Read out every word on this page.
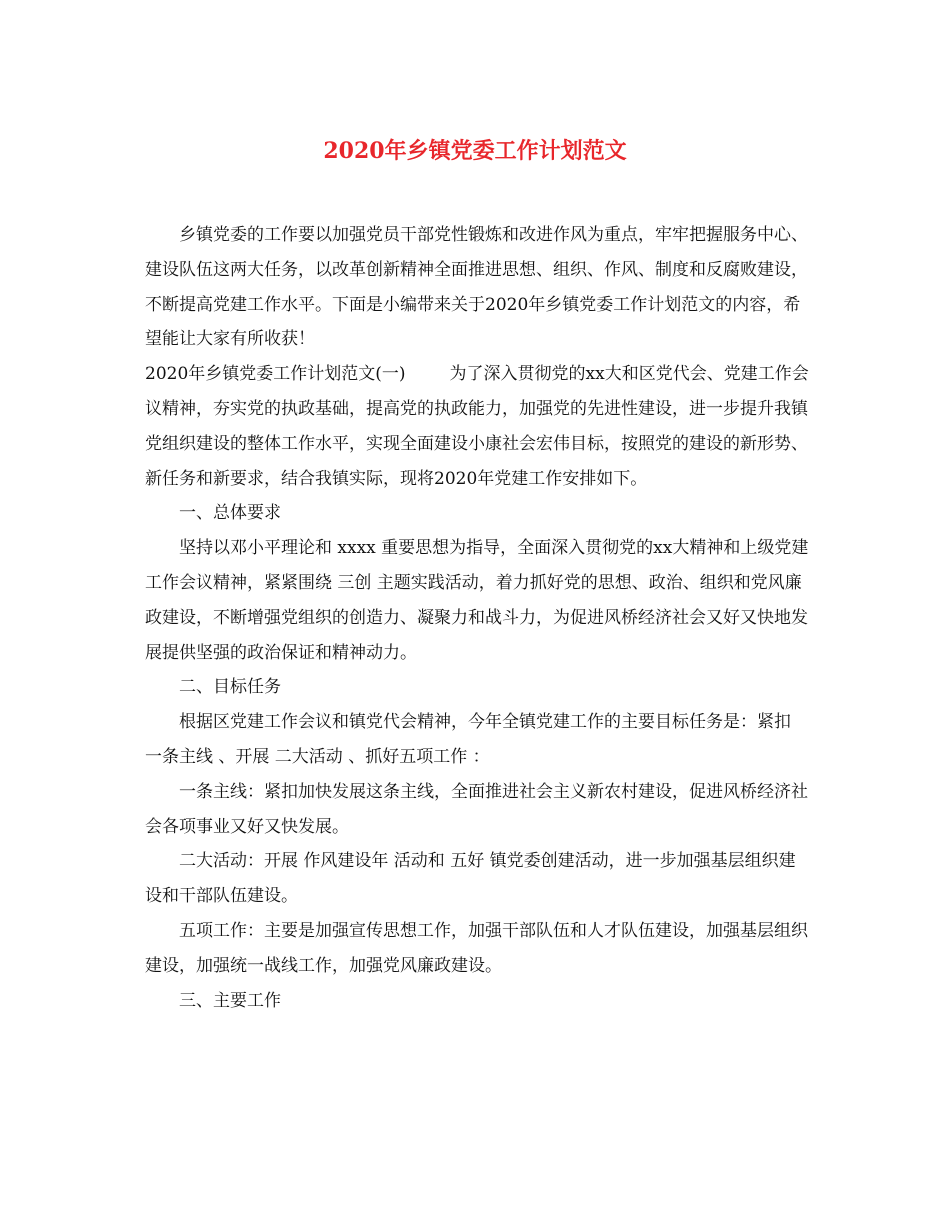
2020年乡镇党委工作计划范文

乡镇党委的工作要以加强党员干部党性锻炼和改进作风为重点，牢牢把握服务中心、建设队伍这两大任务，以改革创新精神全面推进思想、组织、作风、制度和反腐败建设，不断提高党建工作水平。下面是小编带来关于2020年乡镇党委工作计划范文的内容，希望能让大家有所收获！

2020年乡镇党委工作计划范文(一)	为了深入贯彻党的xx大和区党代会、党建工作会议精神，夯实党的执政基础，提高党的执政能力，加强党的先进性建设，进一步提升我镇党组织建设的整体工作水平，实现全面建设小康社会宏伟目标，按照党的建设的新形势、新任务和新要求，结合我镇实际，现将2020年党建工作安排如下。

一、总体要求

坚持以邓小平理论和 xxxx 重要思想为指导，全面深入贯彻党的xx大精神和上级党建工作会议精神，紧紧围绕 三创 主题实践活动，着力抓好党的思想、政治、组织和党风廉政建设，不断增强党组织的创造力、凝聚力和战斗力，为促进风桥经济社会又好又快地发展提供坚强的政治保证和精神动力。

二、目标任务

根据区党建工作会议和镇党代会精神，今年全镇党建工作的主要目标任务是：紧扣 一条主线 、开展 二大活动 、抓好五项工作 ：

一条主线：紧扣加快发展这条主线，全面推进社会主义新农村建设，促进风桥经济社会各项事业又好又快发展。

二大活动：开展 作风建设年 活动和 五好 镇党委创建活动，进一步加强基层组织建设和干部队伍建设。

五项工作：主要是加强宣传思想工作，加强干部队伍和人才队伍建设，加强基层组织建设，加强统一战线工作，加强党风廉政建设。

三、主要工作
